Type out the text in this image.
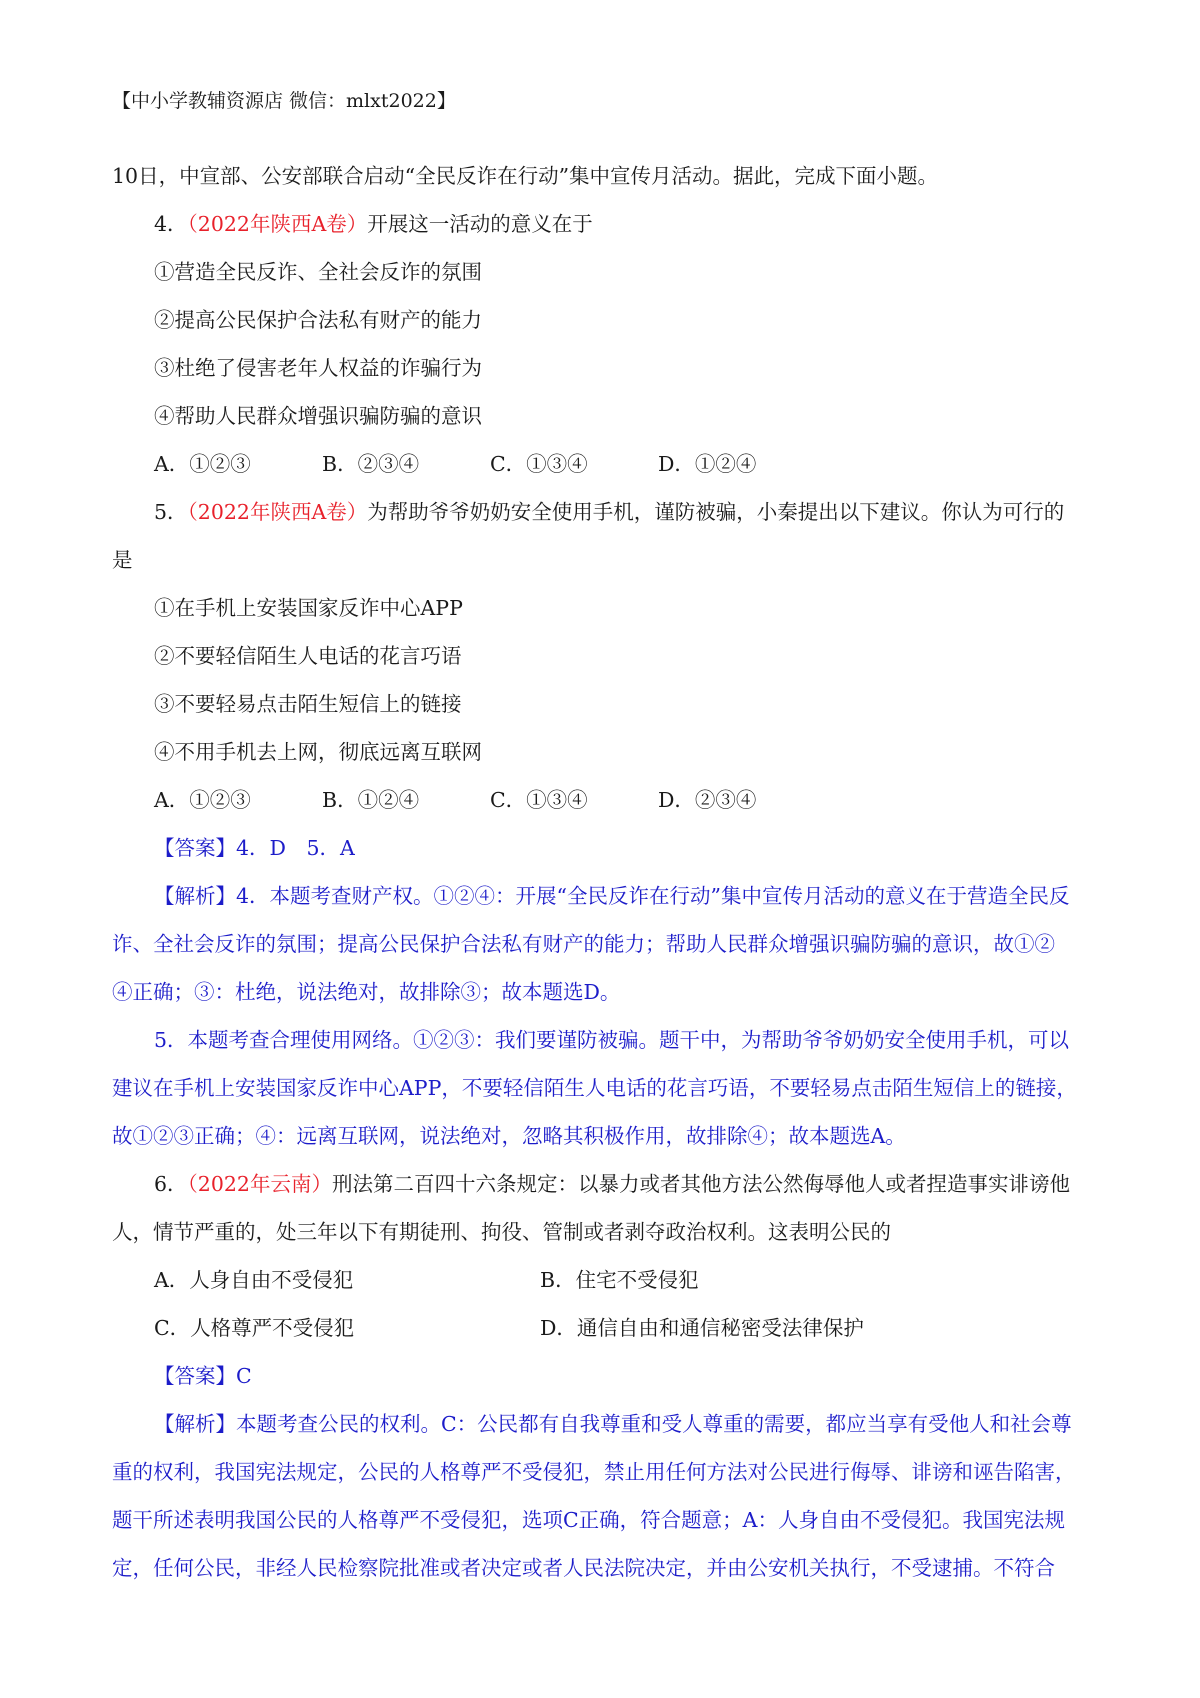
【中小学教辅资源店 微信：mlxt2022】
10日，中宣部、公安部联合启动“全民反诈在行动”集中宣传月活动。据此，完成下面小题。
4．（2022年陕西A卷）开展这一活动的意义在于
①营造全民反诈、全社会反诈的氛围
②提高公民保护合法私有财产的能力
③杜绝了侵害老年人权益的诈骗行为
④帮助人民群众增强识骗防骗的意识
A．①②③	B．②③④	C．①③④	D．①②④
5．（2022年陕西A卷）为帮助爷爷奶奶安全使用手机，谨防被骗，小秦提出以下建议。你认为可行的
是
①在手机上安装国家反诈中心APP
②不要轻信陌生人电话的花言巧语
③不要轻易点击陌生短信上的链接
④不用手机去上网，彻底远离互联网
A．①②③	B．①②④	C．①③④	D．②③④
【答案】4．D　5．A
【解析】4．本题考查财产权。①②④：开展“全民反诈在行动”集中宣传月活动的意义在于营造全民反
诈、全社会反诈的氛围；提高公民保护合法私有财产的能力；帮助人民群众增强识骗防骗的意识，故①②
④正确；③：杜绝，说法绝对，故排除③；故本题选D。
5．本题考查合理使用网络。①②③：我们要谨防被骗。题干中，为帮助爷爷奶奶安全使用手机，可以
建议在手机上安装国家反诈中心APP，不要轻信陌生人电话的花言巧语，不要轻易点击陌生短信上的链接，
故①②③正确；④：远离互联网，说法绝对，忽略其积极作用，故排除④；故本题选A。
6．（2022年云南）刑法第二百四十六条规定：以暴力或者其他方法公然侮辱他人或者捏造事实诽谤他
人，情节严重的，处三年以下有期徒刑、拘役、管制或者剥夺政治权利。这表明公民的
A．人身自由不受侵犯	B．住宅不受侵犯
C．人格尊严不受侵犯	D．通信自由和通信秘密受法律保护
【答案】C
【解析】本题考查公民的权利。C：公民都有自我尊重和受人尊重的需要，都应当享有受他人和社会尊
重的权利，我国宪法规定，公民的人格尊严不受侵犯，禁止用任何方法对公民进行侮辱、诽谤和诬告陷害，
题干所述表明我国公民的人格尊严不受侵犯，选项C正确，符合题意；A：人身自由不受侵犯。我国宪法规
定，任何公民，非经人民检察院批准或者决定或者人民法院决定，并由公安机关执行，不受逮捕。不符合
